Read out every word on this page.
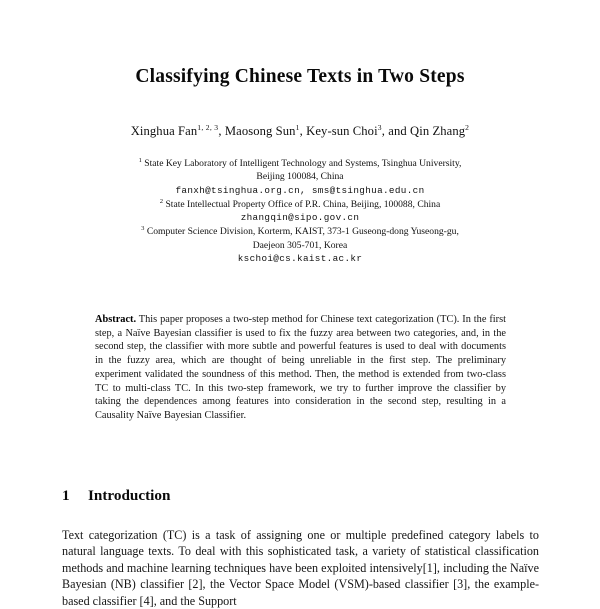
Classifying Chinese Texts in Two Steps
Xinghua Fan$^{1, 2, 3}$, Maosong Sun$^1$, Key-sun Choi$^3$, and Qin Zhang$^2$
$^1$ State Key Laboratory of Intelligent Technology and Systems, Tsinghua University,
Beijing 100084, China
fanxh@tsinghua.org.cn, sms@tsinghua.edu.cn
$^2$ State Intellectual Property Office of P.R. China, Beijing, 100088, China
zhangqin@sipo.gov.cn
$^3$ Computer Science Division, Korterm, KAIST, 373-1 Guseong-dong Yuseong-gu,
Daejeon 305-701, Korea
kschoi@cs.kaist.ac.kr
Abstract. This paper proposes a two-step method for Chinese text categorization (TC). In the first step, a Naïve Bayesian classifier is used to fix the fuzzy area between two categories, and, in the second step, the classifier with more subtle and powerful features is used to deal with documents in the fuzzy area, which are thought of being unreliable in the first step. The preliminary experiment validated the soundness of this method. Then, the method is extended from two-class TC to multi-class TC. In this two-step framework, we try to further improve the classifier by taking the dependences among features into consideration in the second step, resulting in a Causality Naïve Bayesian Classifier.
1 Introduction
Text categorization (TC) is a task of assigning one or multiple predefined category labels to natural language texts. To deal with this sophisticated task, a variety of statistical classification methods and machine learning techniques have been exploited intensively[1], including the Naïve Bayesian (NB) classifier [2], the Vector Space Model (VSM)-based classifier [3], the example-based classifier [4], and the Support
